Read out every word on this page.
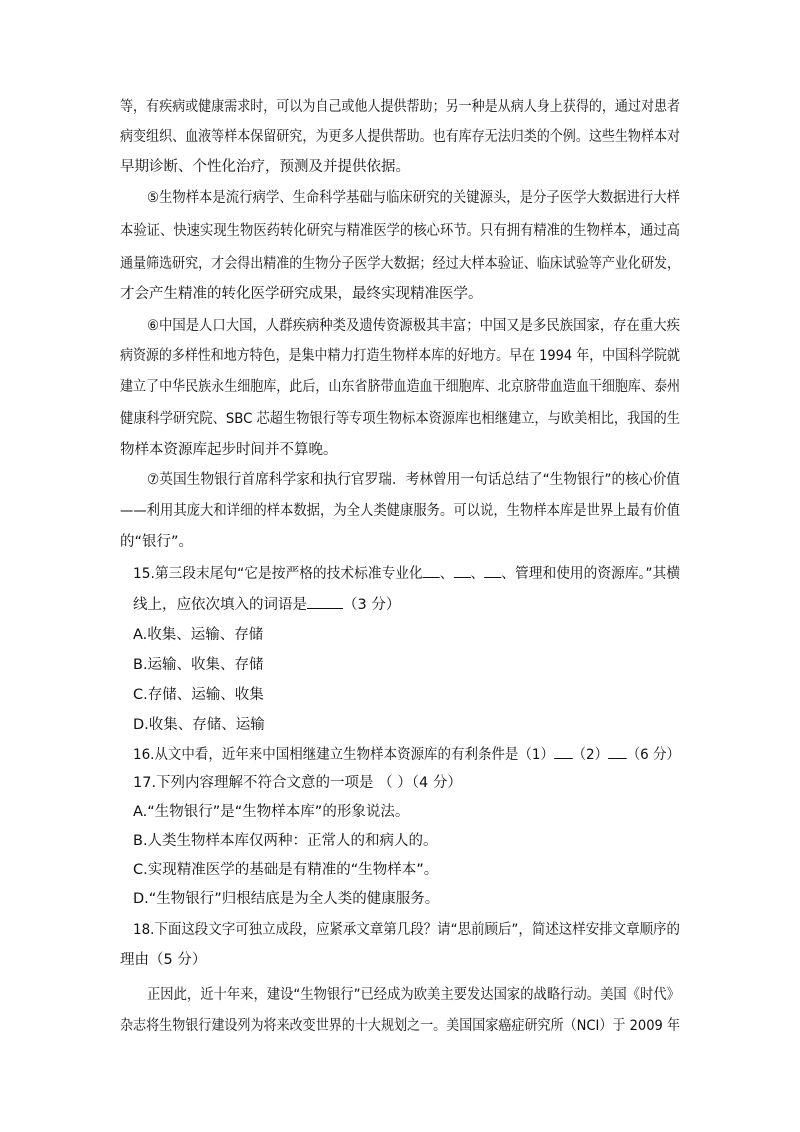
等，有疾病或健康需求时，可以为自己或他人提供帮助；另一种是从病人身上获得的，通过对患者
病变组织、血液等样本保留研究，为更多人提供帮助。也有库存无法归类的个例。这些生物样本对
早期诊断、个性化治疗，预测及并提供依据。
⑤生物样本是流行病学、生命科学基础与临床研究的关键源头，是分子医学大数据进行大样
本验证、快速实现生物医药转化研究与精准医学的核心环节。只有拥有精准的生物样本，通过高
通量筛选研究，才会得出精准的生物分子医学大数据；经过大样本验证、临床试验等产业化研发，
才会产生精准的转化医学研究成果，最终实现精准医学。
⑥中国是人口大国，人群疾病种类及遗传资源极其丰富；中国又是多民族国家，存在重大疾
病资源的多样性和地方特色，是集中精力打造生物样本库的好地方。早在 1994 年，中国科学院就
建立了中华民族永生细胞库，此后，山东省脐带血造血干细胞库、北京脐带血造血干细胞库、泰州
健康科学研究院、SBC 芯超生物银行等专项生物标本资源库也相继建立，与欧美相比，我国的生
物样本资源库起步时间并不算晚。
⑦英国生物银行首席科学家和执行官罗瑞．考林曾用一句话总结了“生物银行”的核心价值
——利用其庞大和详细的样本数据，为全人类健康服务。可以说，生物样本库是世界上最有价值
的“银行”。
15.第三段末尾句“它是按严格的技术标准专业化 、 、 、管理和使用的资源库。”其横
线上，应依次填入的词语是 （3 分）
A.收集、运输、存储
B.运输、收集、存储
C.存储、运输、收集
D.收集、存储、运输
16.从文中看，近年来中国相继建立生物样本资源库的有利条件是（1） （2） （6 分）
17.下列内容理解不符合文意的一项是 （ ）（4 分）
A.“生物银行”是“生物样本库”的形象说法。
B.人类生物样本库仅两种：正常人的和病人的。
C.实现精准医学的基础是有精准的“生物样本”。
D.“生物银行”归根结底是为全人类的健康服务。
18.下面这段文字可独立成段，应紧承文章第几段？请“思前顾后”，简述这样安排文章顺序的
理由（5 分）
正因此，近十年来，建设“生物银行”已经成为欧美主要发达国家的战略行动。美国《时代》
杂志将生物银行建设列为将来改变世界的十大规划之一。美国国家癌症研究所（NCI）于 2009 年
